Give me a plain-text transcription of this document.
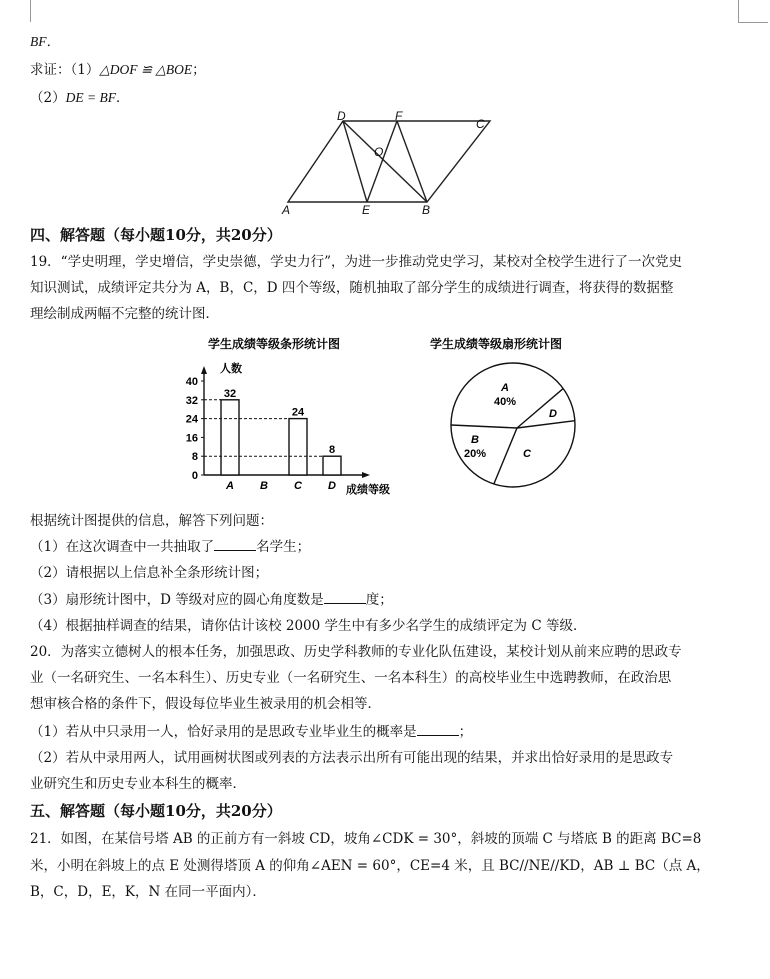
BF．
求证：（1）△DOF ≌ △BOE；
（2）DE = BF．
D	F
C
O
A	E	B
四、解答题（每小题10分，共20分）
19．“学史明理，学史增信，学史崇德，学史力行”，为进一步推动党史学习，某校对全校学生进行了一次党史
知识测试，成绩评定共分为 A，B，C，D 四个等级，随机抽取了部分学生的成绩进行调查，将获得的数据整
理绘制成两幅不完整的统计图．
学生成绩等级条形统计图
人数
成绩等级
0
8
16
24
32
40
32
A B
24
C
8
D
学生成绩等级扇形统计图
A
40%
D
C
B
20%
根据统计图提供的信息，解答下列问题：
（1）在这次调查中一共抽取了	名学生；
（2）请根据以上信息补全条形统计图；
（3）扇形统计图中，D 等级对应的圆心角度数是	度；
（4）根据抽样调查的结果，请你估计该校 2000 学生中有多少名学生的成绩评定为 C 等级．
20．为落实立德树人的根本任务，加强思政、历史学科教师的专业化队伍建设，某校计划从前来应聘的思政专
业（一名研究生、一名本科生）、历史专业（一名研究生、一名本科生）的高校毕业生中选聘教师，在政治思
想审核合格的条件下，假设每位毕业生被录用的机会相等．
（1）若从中只录用一人，恰好录用的是思政专业毕业生的概率是	；
（2）若从中录用两人，试用画树状图或列表的方法表示出所有可能出现的结果，并求出恰好录用的是思政专
业研究生和历史专业本科生的概率．
五、解答题（每小题10分，共20分）
21．如图，在某信号塔 AB 的正前方有一斜坡 CD，坡角∠CDK = 30°，斜坡的顶端 C 与塔底 B 的距离 BC=8
米，小明在斜坡上的点 E 处测得塔顶 A 的仰角∠AEN = 60°，CE=4 米，且 BC//NE//KD，AB ⊥ BC（点 A，
B，C，D，E，K，N 在同一平面内）．
